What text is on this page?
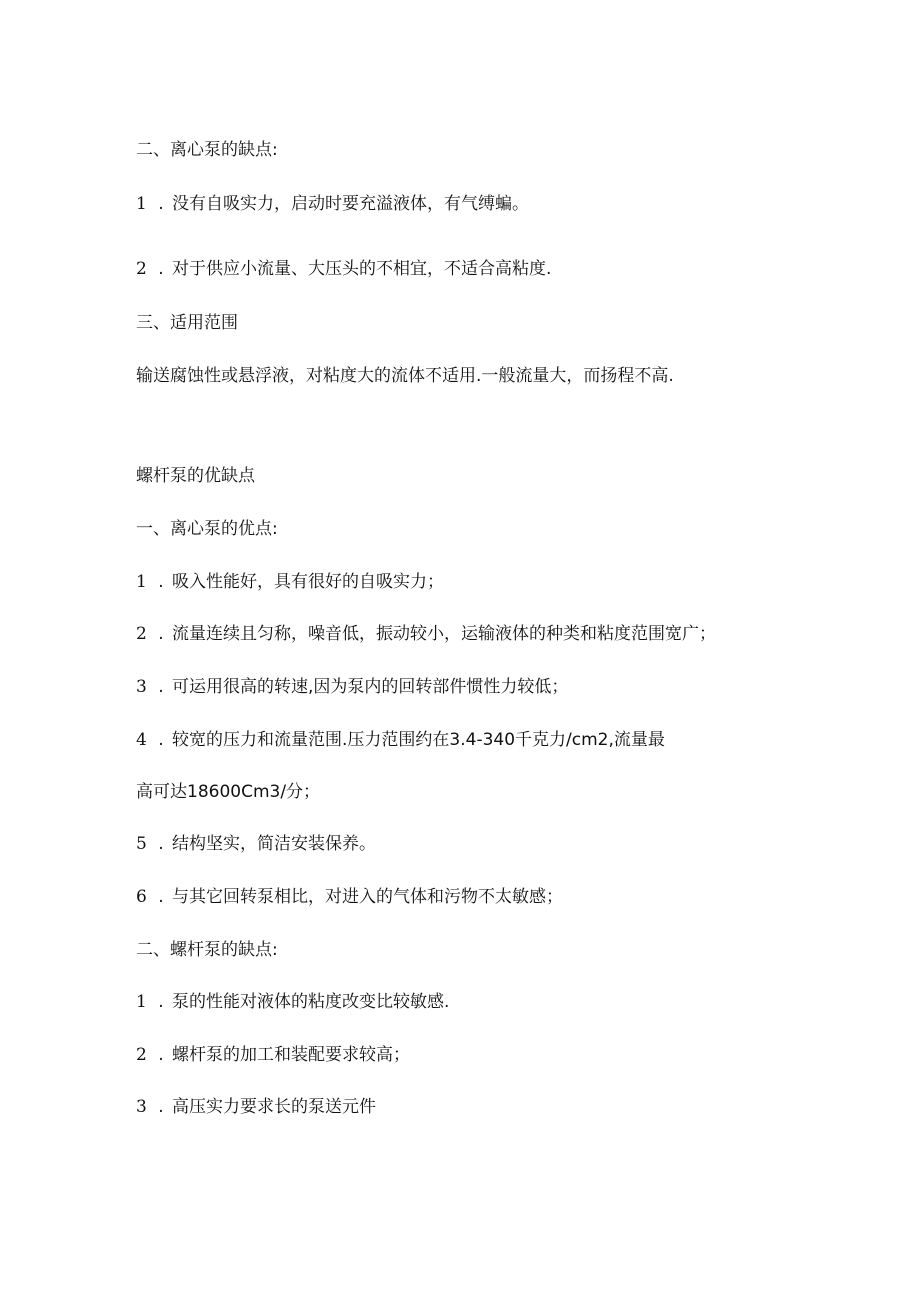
二、离心泵的缺点:
1 . 没有自吸实力，启动时要充溢液体，有气缚蝙。
2 . 对于供应小流量、大压头的不相宜，不适合高粘度.
三、适用范围
输送腐蚀性或悬浮液，对粘度大的流体不适用.一般流量大，而扬程不高.
螺杆泵的优缺点
一、离心泵的优点:
1 . 吸入性能好，具有很好的自吸实力；
2 . 流量连续且匀称，噪音低，振动较小，运输液体的种类和粘度范围宽广；
3 . 可运用很高的转速,因为泵内的回转部件惯性力较低；
4 . 较宽的压力和流量范围.压力范围约在3.4-340千克力/cm2,流量最
高可达18600Cm3/分；
5 . 结构坚实，简洁安装保养。
6 . 与其它回转泵相比，对进入的气体和污物不太敏感；
二、螺杆泵的缺点:
1 . 泵的性能对液体的粘度改变比较敏感.
2 . 螺杆泵的加工和装配要求较高；
3 . 高压实力要求长的泵送元件
